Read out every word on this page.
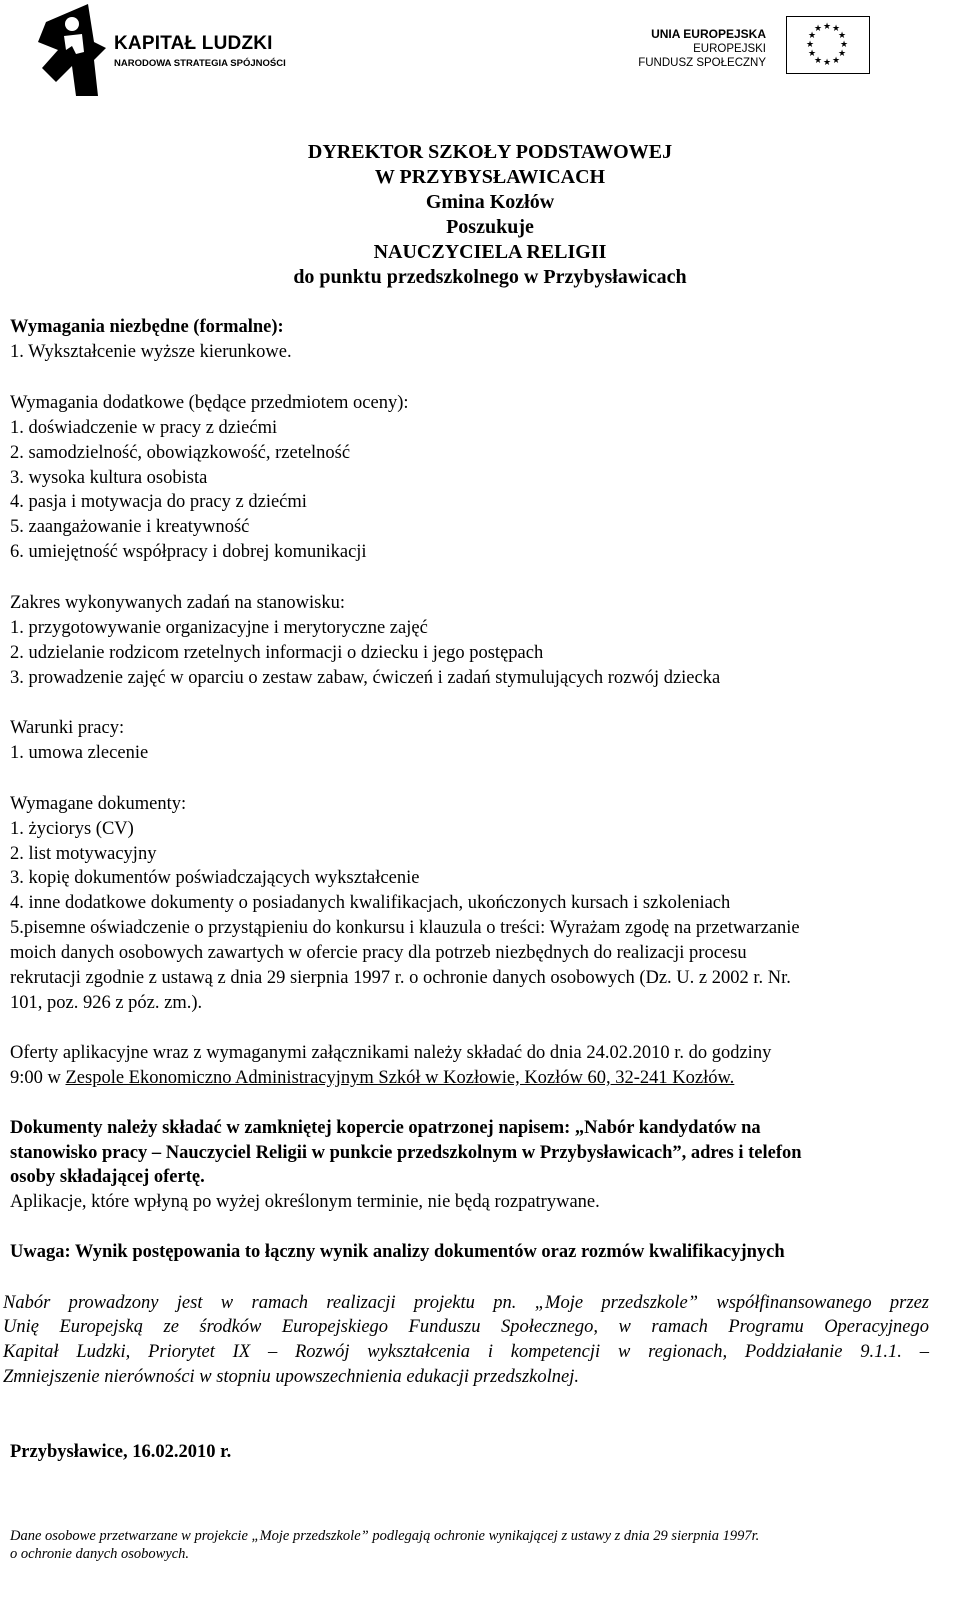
KAPITAŁ LUDZKI
NARODOWA STRATEGIA SPÓJNOŚCI
UNIA EUROPEJSKA
EUROPEJSKI
FUNDUSZ SPOŁECZNY
★ ★
★
★
★
★
★
★
★
★
★
★
DYREKTOR SZKOŁY PODSTAWOWEJ
W PRZYBYSŁAWICACH
Gmina Kozłów
Poszukuje
NAUCZYCIELA RELIGII
do punktu przedszkolnego w Przybysławicach
Wymagania niezbędne (formalne):
1. Wykształcenie wyższe kierunkowe.
Wymagania dodatkowe (będące przedmiotem oceny):
1. doświadczenie w pracy z dziećmi
2. samodzielność, obowiązkowość, rzetelność
3. wysoka kultura osobista
4. pasja i motywacja do pracy z dziećmi
5. zaangażowanie i kreatywność
6. umiejętność współpracy i dobrej komunikacji
Zakres wykonywanych zadań na stanowisku:
1. przygotowywanie organizacyjne i merytoryczne zajęć
2. udzielanie rodzicom rzetelnych informacji o dziecku i jego postępach
3. prowadzenie zajęć w oparciu o zestaw zabaw, ćwiczeń i zadań stymulujących rozwój dziecka
Warunki pracy:
1. umowa zlecenie
Wymagane dokumenty:
1. życiorys (CV)
2. list motywacyjny
3. kopię dokumentów poświadczających wykształcenie
4. inne dodatkowe dokumenty o posiadanych kwalifikacjach, ukończonych kursach i szkoleniach
5.pisemne oświadczenie o przystąpieniu do konkursu i klauzula o treści: Wyrażam zgodę na przetwarzanie
moich danych osobowych zawartych w ofercie pracy dla potrzeb niezbędnych do realizacji procesu
rekrutacji zgodnie z ustawą z dnia 29 sierpnia 1997 r. o ochronie danych osobowych (Dz. U. z 2002 r. Nr.
101, poz. 926 z póz. zm.).
Oferty aplikacyjne wraz z wymaganymi załącznikami należy składać do dnia 24.02.2010 r. do godziny
9:00 w Zespole Ekonomiczno Administracyjnym Szkół w Kozłowie, Kozłów 60, 32-241 Kozłów.
Dokumenty należy składać w zamkniętej kopercie opatrzonej napisem: „Nabór kandydatów na
stanowisko pracy – Nauczyciel Religii w punkcie przedszkolnym w Przybysławicach”, adres i telefon
osoby składającej ofertę.
Aplikacje, które wpłyną po wyżej określonym terminie, nie będą rozpatrywane.
Uwaga: Wynik postępowania to łączny wynik analizy dokumentów oraz rozmów kwalifikacyjnych
Nabór prowadzony jest w ramach realizacji projektu pn. „Moje przedszkole” współfinansowanego przez
Unię Europejską ze środków Europejskiego Funduszu Społecznego, w ramach Programu Operacyjnego
Kapitał Ludzki, Priorytet IX – Rozwój wykształcenia i kompetencji w regionach, Poddziałanie 9.1.1. –
Zmniejszenie nierówności w stopniu upowszechnienia edukacji przedszkolnej.
Przybysławice, 16.02.2010 r.
Dane osobowe przetwarzane w projekcie „Moje przedszkole” podlegają ochronie wynikającej z ustawy z dnia 29 sierpnia 1997r.
o ochronie danych osobowych.
